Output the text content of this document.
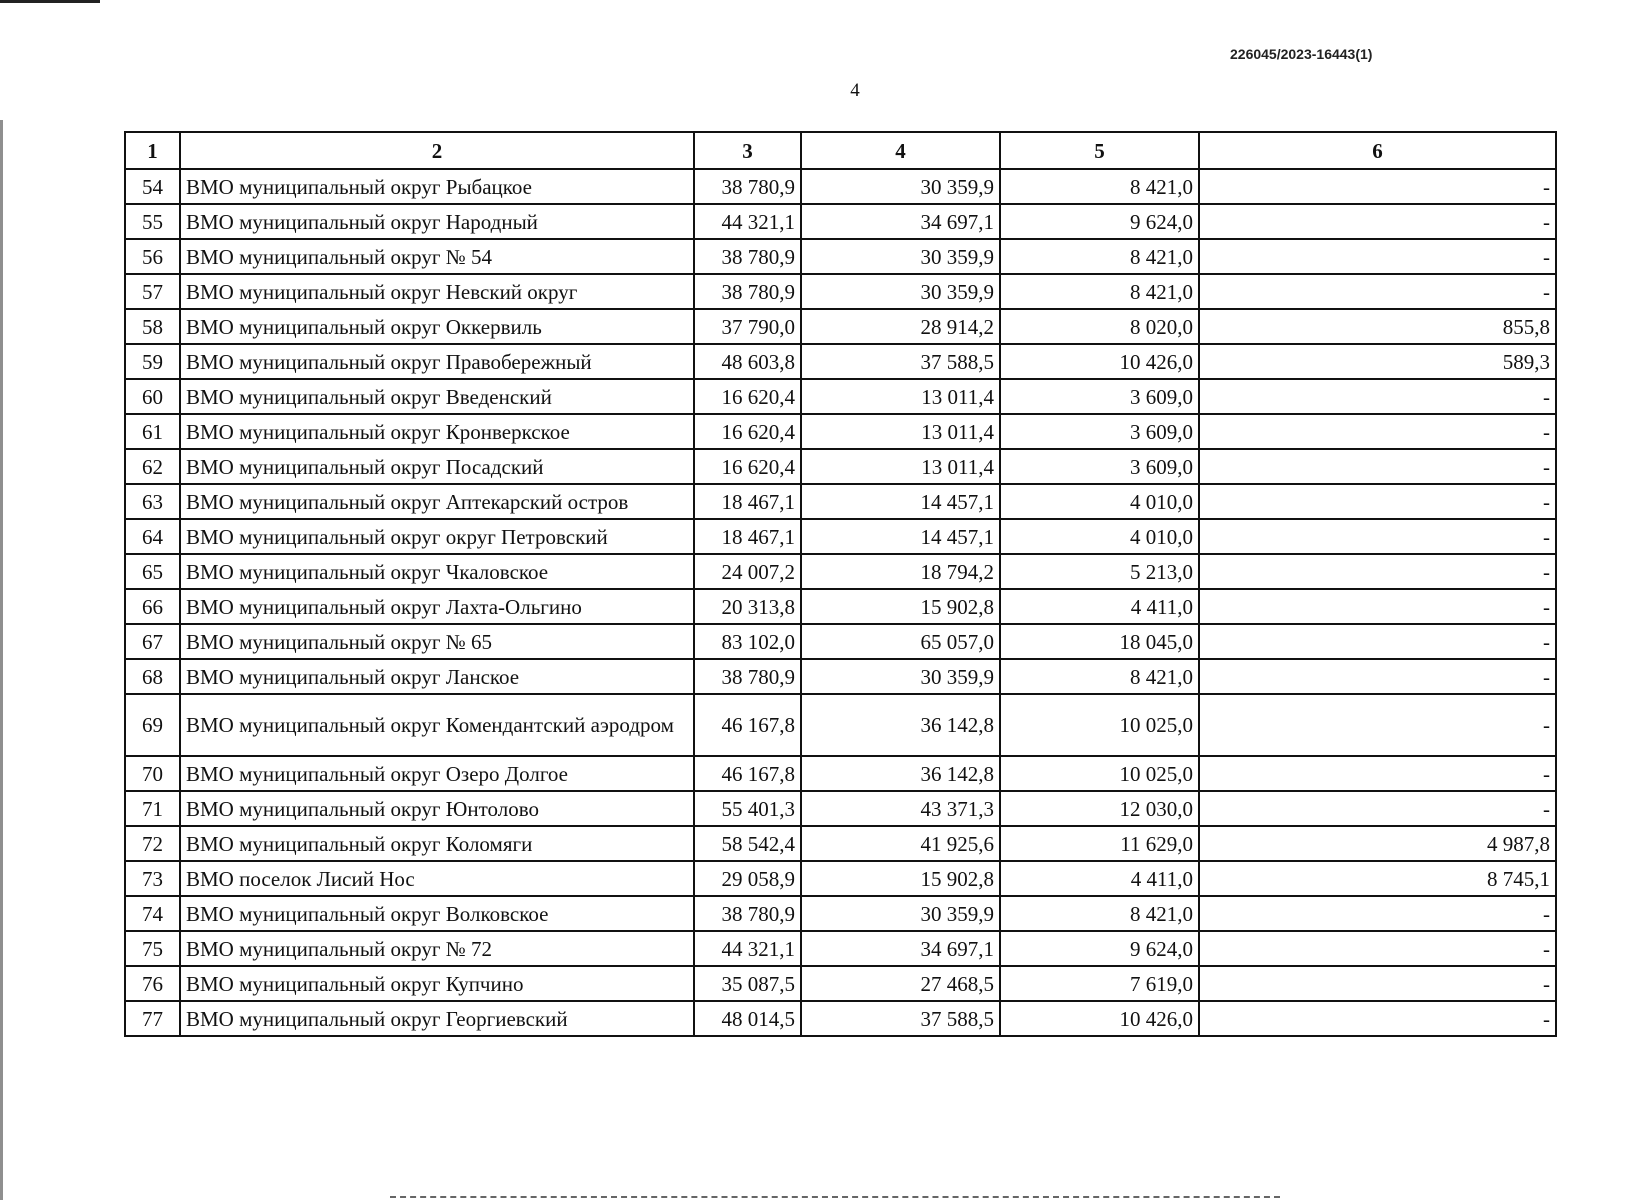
226045/2023-16443(1)
4
1	2	3	4	5	6
54	ВМО муниципальный округ Рыбацкое	38 780,9	30 359,9	8 421,0	-
55	ВМО муниципальный округ Народный	44 321,1	34 697,1	9 624,0	-
56	ВМО муниципальный округ № 54	38 780,9	30 359,9	8 421,0	-
57	ВМО муниципальный округ Невский округ	38 780,9	30 359,9	8 421,0	-
58	ВМО муниципальный округ Оккервиль	37 790,0	28 914,2	8 020,0	855,8
59	ВМО муниципальный округ Правобережный	48 603,8	37 588,5	10 426,0	589,3
60	ВМО муниципальный округ Введенский	16 620,4	13 011,4	3 609,0	-
61	ВМО муниципальный округ Кронверкское	16 620,4	13 011,4	3 609,0	-
62	ВМО муниципальный округ Посадский	16 620,4	13 011,4	3 609,0	-
63	ВМО муниципальный округ Аптекарский остров	18 467,1	14 457,1	4 010,0	-
64	ВМО муниципальный округ округ Петровский	18 467,1	14 457,1	4 010,0	-
65	ВМО муниципальный округ Чкаловское	24 007,2	18 794,2	5 213,0	-
66	ВМО муниципальный округ Лахта-Ольгино	20 313,8	15 902,8	4 411,0	-
67	ВМО муниципальный округ № 65	83 102,0	65 057,0	18 045,0	-
68	ВМО муниципальный округ Ланское	38 780,9	30 359,9	8 421,0	-
69	ВМО муниципальный округ Комендантский аэродром	46 167,8	36 142,8	10 025,0	-
70	ВМО муниципальный округ Озеро Долгое	46 167,8	36 142,8	10 025,0	-
71	ВМО муниципальный округ Юнтолово	55 401,3	43 371,3	12 030,0	-
72	ВМО муниципальный округ Коломяги	58 542,4	41 925,6	11 629,0	4 987,8
73	ВМО поселок Лисий Нос	29 058,9	15 902,8	4 411,0	8 745,1
74	ВМО муниципальный округ Волковское	38 780,9	30 359,9	8 421,0	-
75	ВМО муниципальный округ № 72	44 321,1	34 697,1	9 624,0	-
76	ВМО муниципальный округ Купчино	35 087,5	27 468,5	7 619,0	-
77	ВМО муниципальный округ Георгиевский	48 014,5	37 588,5	10 426,0	-
